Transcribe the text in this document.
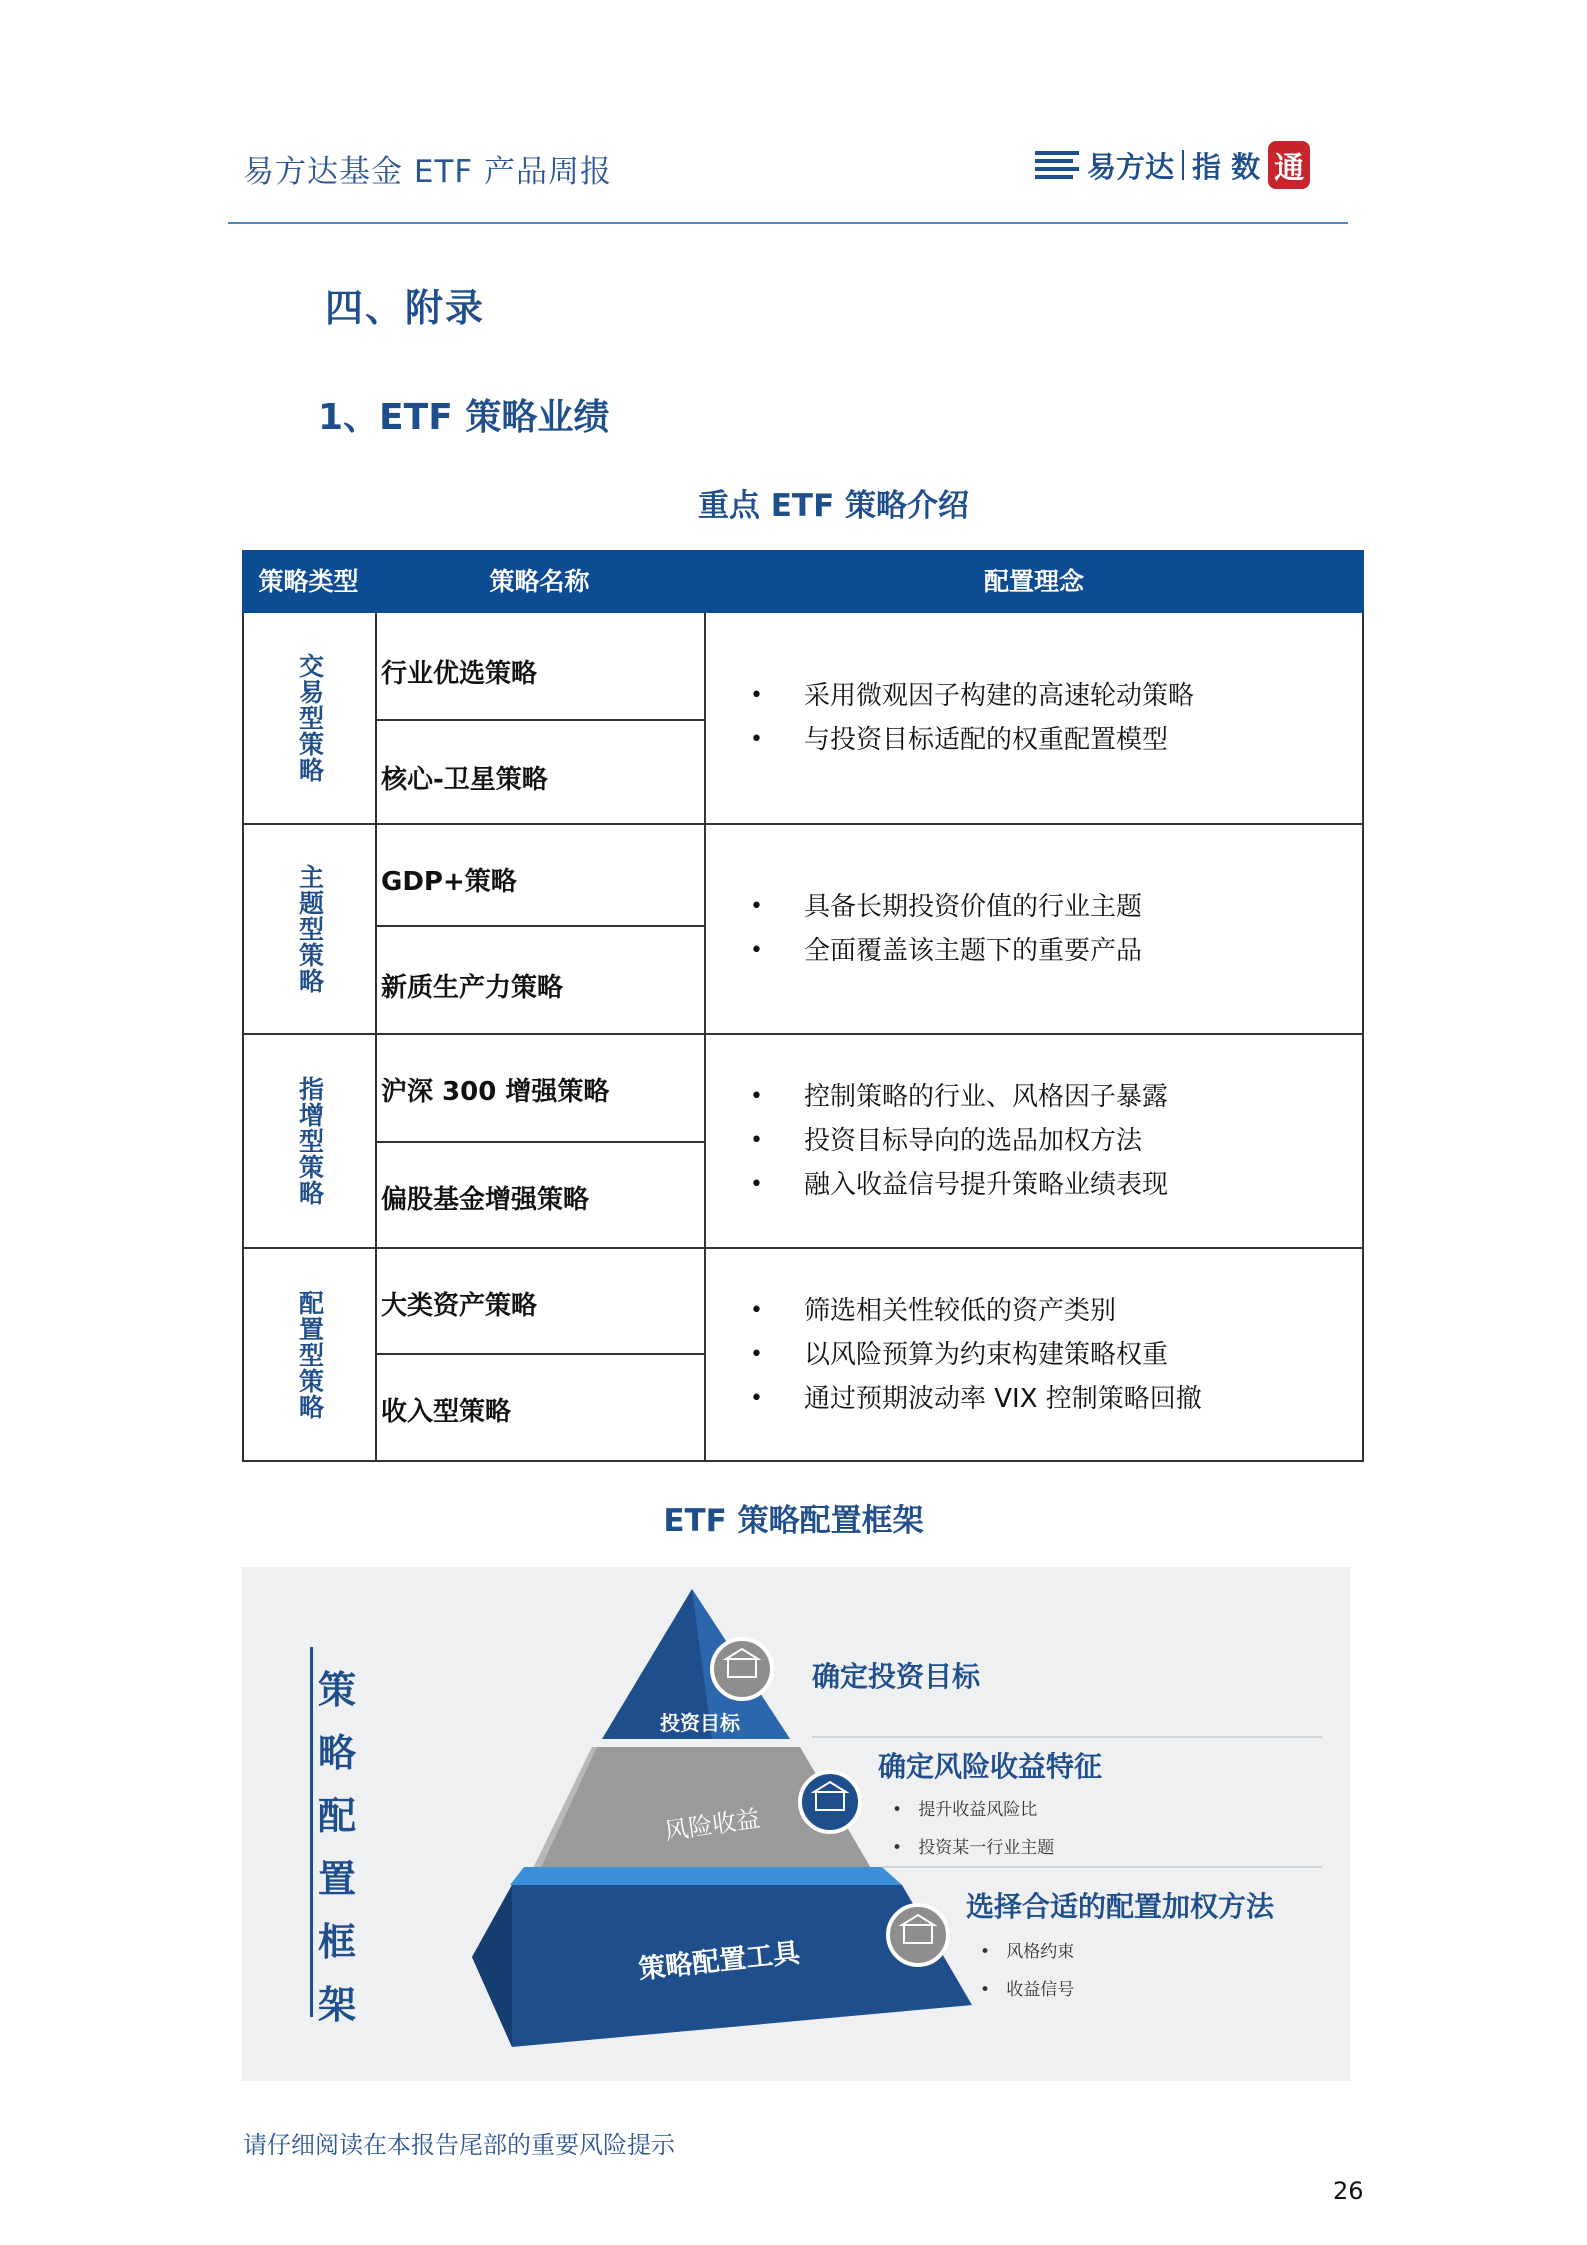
易方达基金 ETF 产品周报	易方达 指 数 通
四、附录
1、ETF 策略业绩
重点 ETF 策略介绍
策略类型	策略名称	配置理念
交易型策略 行业优选策略
核心-卫星策略
•	采用微观因子构建的高速轮动策略
•	与投资目标适配的权重配置模型
主题型策略 GDP+策略
新质生产力策略
•	具备长期投资价值的行业主题
•	全面覆盖该主题下的重要产品
指增型策略 沪深 300 增强策略
偏股基金增强策略
•	控制策略的行业、风格因子暴露
•	投资目标导向的选品加权方法
•	融入收益信号提升策略业绩表现
配置型策略 大类资产策略
收入型策略
•	筛选相关性较低的资产类别
•	以风险预算为约束构建策略权重
•	通过预期波动率 VIX 控制策略回撤
ETF 策略配置框架
策
略
配
置
框
架
投资目标
风险收益
策略配置工具
确定投资目标
确定风险收益特征
•   提升收益风险比
•   投资某一行业主题
选择合适的配置加权方法
•   风格约束
•   收益信号
请仔细阅读在本报告尾部的重要风险提示
26
